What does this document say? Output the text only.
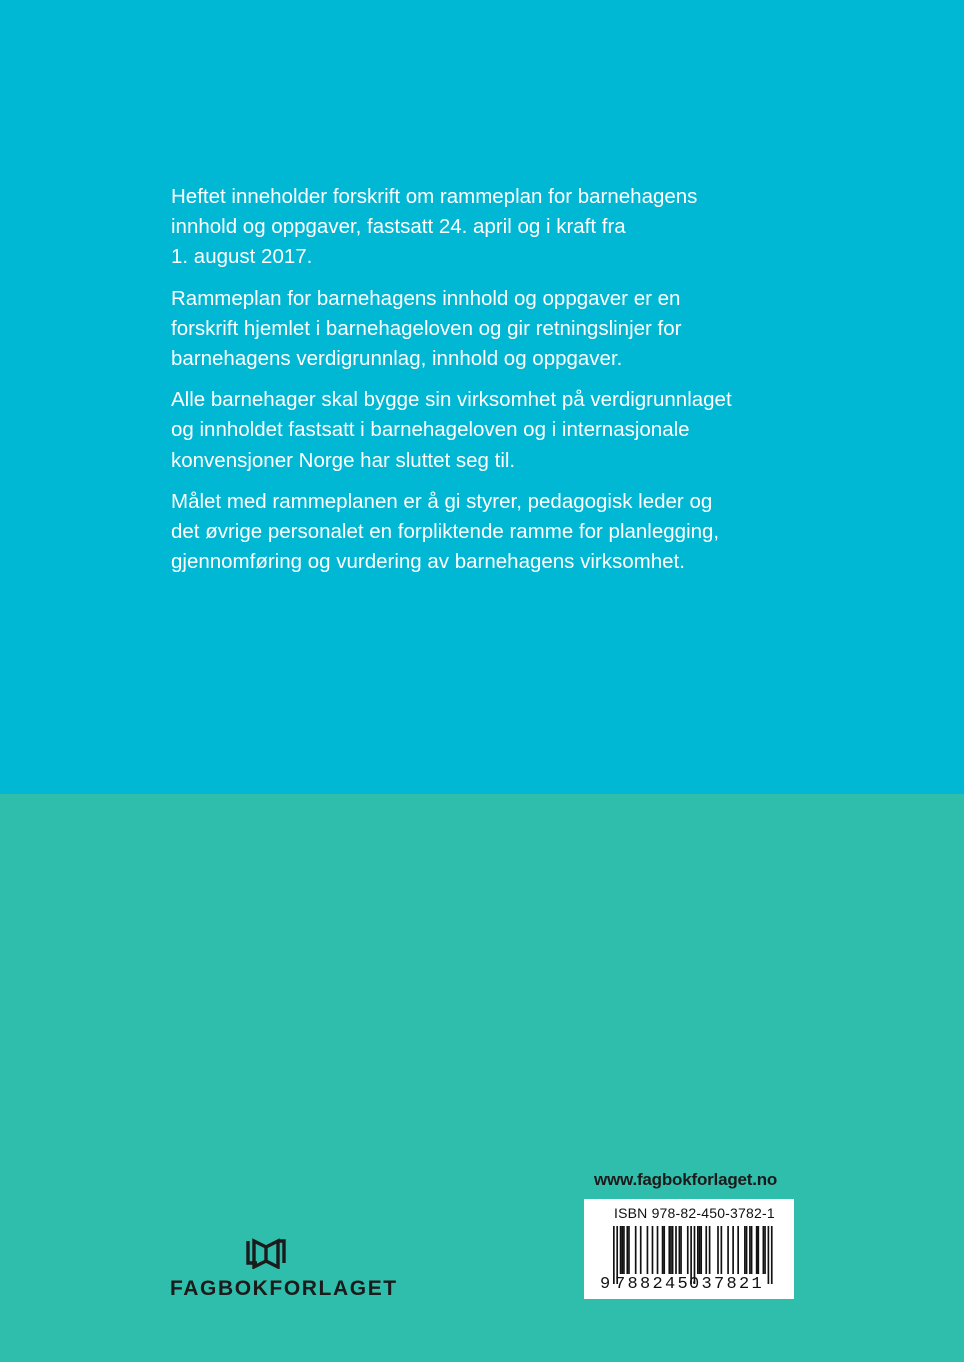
Heftet inneholder forskrift om rammeplan for barnehagens
innhold og oppgaver, fastsatt 24. april og i kraft fra
1. august 2017.

Rammeplan for barnehagens innhold og oppgaver er en
forskrift hjemlet i barnehageloven og gir retningslinjer for
barnehagens verdigrunnlag, innhold og oppgaver.

Alle barnehager skal bygge sin virksomhet på verdigrunnlaget
og innholdet fastsatt i barnehageloven og i internasjonale
konvensjoner Norge har sluttet seg til.

Målet med rammeplanen er å gi styrer, pedagogisk leder og
det øvrige personalet en forpliktende ramme for planlegging,
gjennomføring og vurdering av barnehagens virksomhet.

www.fagbokforlaget.no
ISBN 978-82-450-3782-1
9 788245
037821
FAGBOKFORLAGET
